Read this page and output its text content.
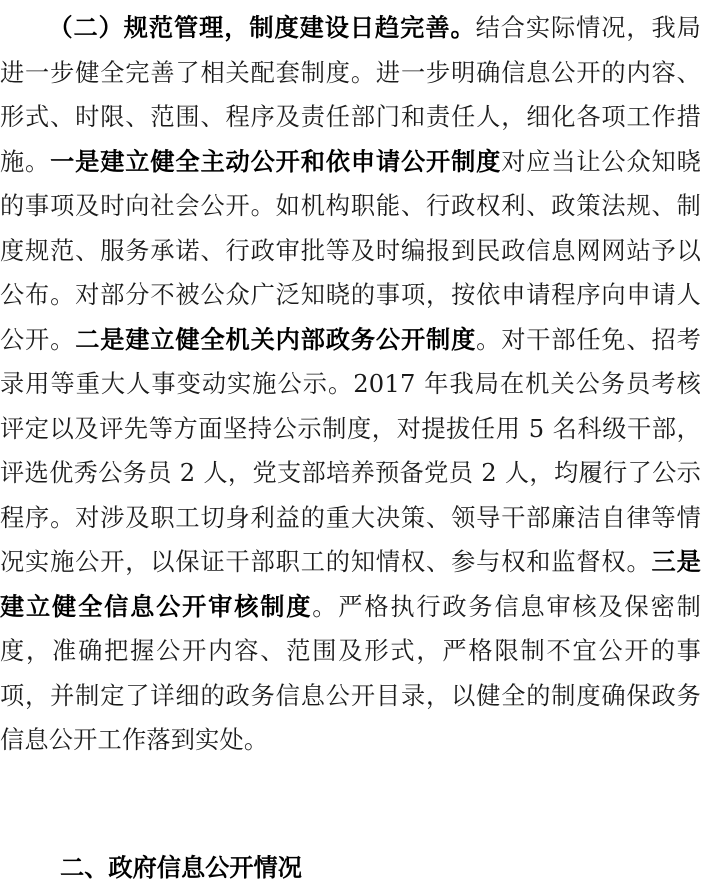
（二）规范管理，制度建设日趋完善。结合实际情况，我局进一步健全完善了相关配套制度。进一步明确信息公开的内容、形式、时限、范围、程序及责任部门和责任人，细化各项工作措施。一是建立健全主动公开和依申请公开制度对应当让公众知晓的事项及时向社会公开。如机构职能、行政权利、政策法规、制度规范、服务承诺、行政审批等及时编报到民政信息网网站予以公布。对部分不被公众广泛知晓的事项，按依申请程序向申请人公开。二是建立健全机关内部政务公开制度。对干部任免、招考录用等重大人事变动实施公示。2017 年我局在机关公务员考核评定以及评先等方面坚持公示制度，对提拔任用 5 名科级干部，评选优秀公务员 2 人，党支部培养预备党员 2 人，均履行了公示程序。对涉及职工切身利益的重大决策、领导干部廉洁自律等情况实施公开，以保证干部职工的知情权、参与权和监督权。三是建立健全信息公开审核制度。严格执行政务信息审核及保密制度，准确把握公开内容、范围及形式，严格限制不宜公开的事项，并制定了详细的政务信息公开目录，以健全的制度确保政务信息公开工作落到实处。

二、政府信息公开情况
